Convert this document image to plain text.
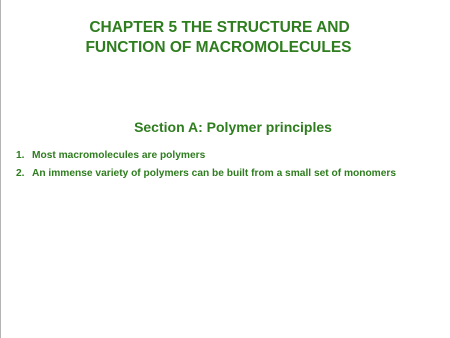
CHAPTER 5 THE STRUCTURE AND
FUNCTION OF MACROMOLECULES
Section A: Polymer principles
1. Most macromolecules are polymers
2. An immense variety of polymers can be built from a small set of monomers
